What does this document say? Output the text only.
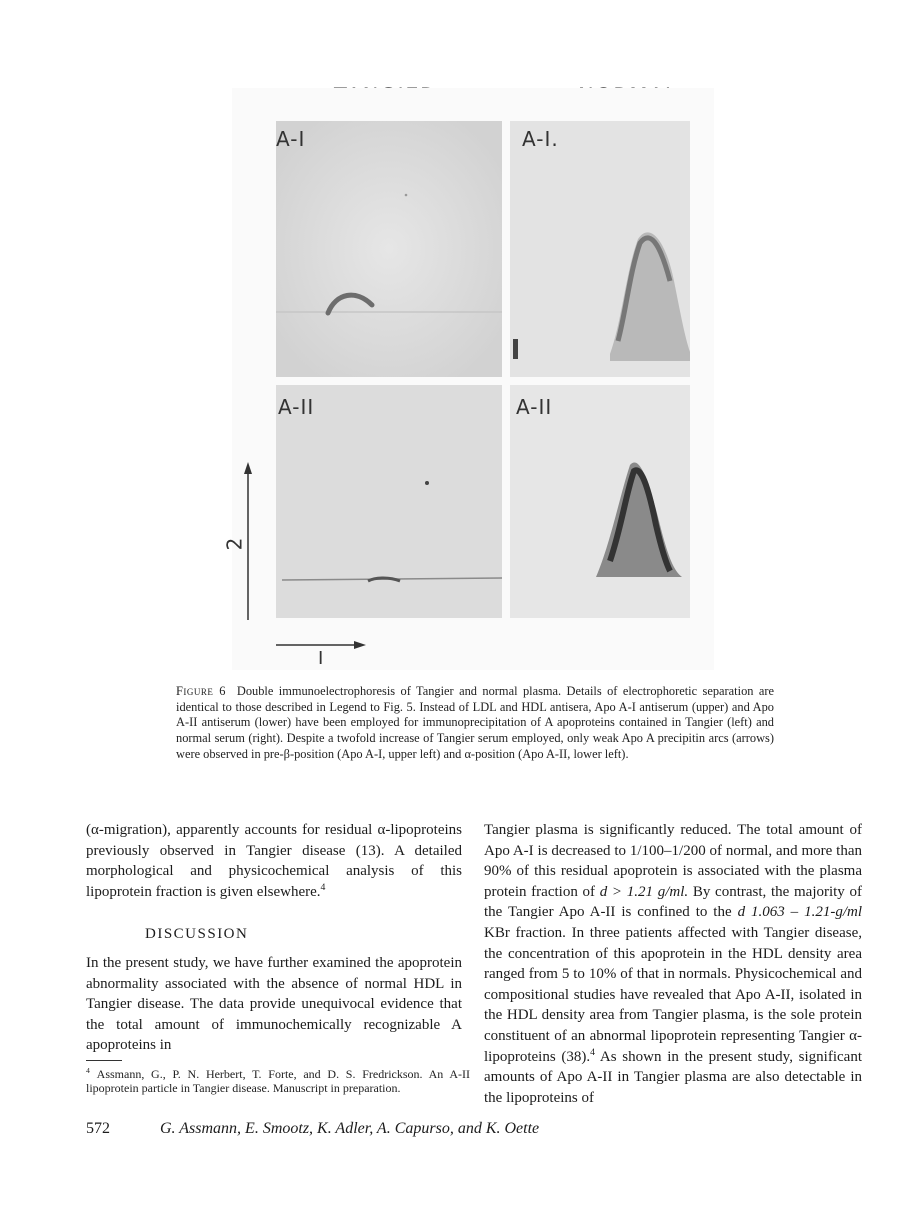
A-I	A-I.
A-II	A-II
2
I
Figure 6 Double immunoelectrophoresis of Tangier and normal plasma. Details of electrophoretic separation are identical to those described in Legend to Fig. 5. Instead of LDL and HDL antisera, Apo A-I antiserum (upper) and Apo A-II antiserum (lower) have been employed for immunoprecipitation of A apoproteins contained in Tangier (left) and normal serum (right). Despite a twofold increase of Tangier serum employed, only weak Apo A precipitin arcs (arrows) were observed in pre-β-position (Apo A-I, upper left) and α-position (Apo A-II, lower left).

(α-migration), apparently accounts for residual α-lipoproteins previously observed in Tangier disease (13). A detailed morphological and physicochemical analysis of this lipoprotein fraction is given elsewhere.$^4$

DISCUSSION

In the present study, we have further examined the apoprotein abnormality associated with the absence of normal HDL in Tangier disease. The data provide unequivocal evidence that the total amount of immunochemically recognizable A apoproteins in

$^4$ Assmann, G., P. N. Herbert, T. Forte, and D. S. Fredrickson. An A-II lipoprotein particle in Tangier disease. Manuscript in preparation.

Tangier plasma is significantly reduced. The total amount of Apo A-I is decreased to 1/100–1/200 of normal, and more than 90% of this residual apoprotein is associated with the plasma protein fraction of d > 1.21 g/ml. By contrast, the majority of the Tangier Apo A-II is confined to the d 1.063 – 1.21-g/ml KBr fraction. In three patients affected with Tangier disease, the concentration of this apoprotein in the HDL density area ranged from 5 to 10% of that in normals. Physicochemical and compositional studies have revealed that Apo A-II, isolated in the HDL density area from Tangier plasma, is the sole protein constituent of an abnormal lipoprotein representing Tangier α-lipoproteins (38).$^4$ As shown in the present study, significant amounts of Apo A-II in Tangier plasma are also detectable in the lipoproteins of

572	G. Assmann, E. Smootz, K. Adler, A. Capurso, and K. Oette
